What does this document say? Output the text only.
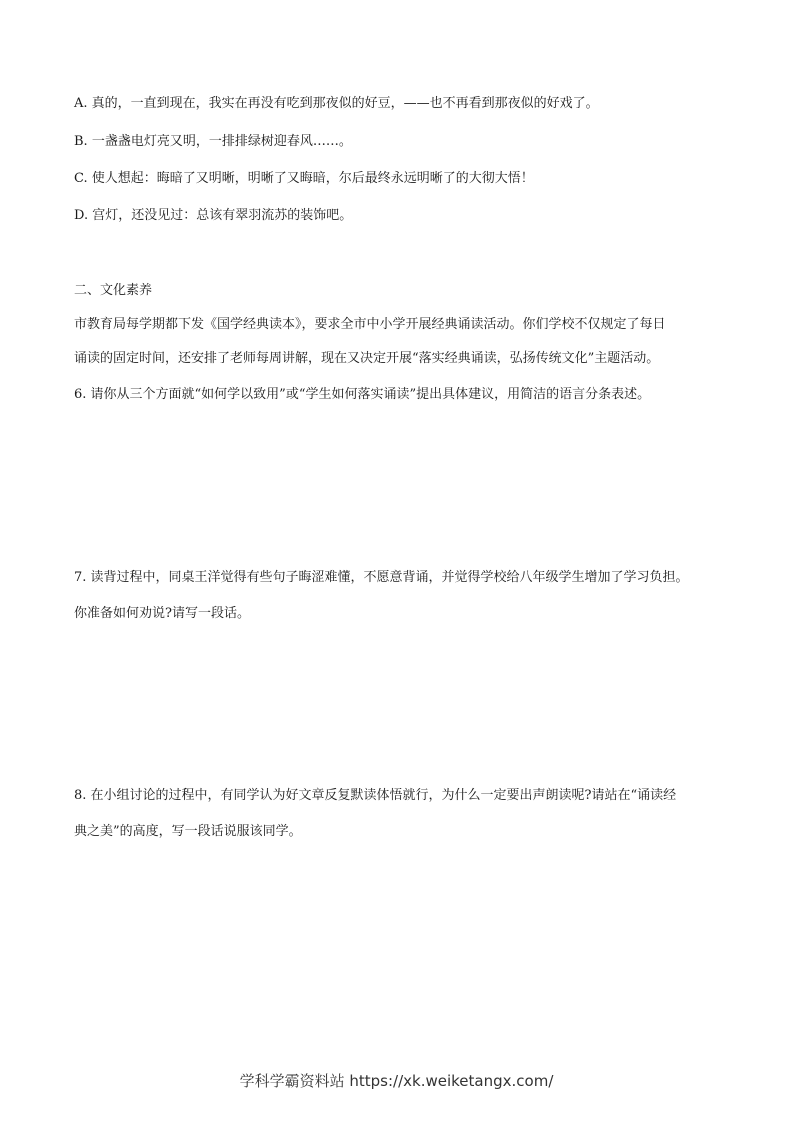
A. 真的，一直到现在，我实在再没有吃到那夜似的好豆，——也不再看到那夜似的好戏了。
B. 一盏盏电灯亮又明，一排排绿树迎春风……。
C. 使人想起：晦暗了又明晰，明晰了又晦暗，尔后最终永远明晰了的大彻大悟！
D. 宫灯，还没见过：总该有翠羽流苏的装饰吧。
二、文化素养
市教育局每学期都下发《国学经典读本》，要求全市中小学开展经典诵读活动。你们学校不仅规定了每日
诵读的固定时间，还安排了老师每周讲解，现在又决定开展“落实经典诵读，弘扬传统文化”主题活动。
6. 请你从三个方面就“如何学以致用”或“学生如何落实诵读”提出具体建议，用简洁的语言分条表述。
7. 读背过程中，同桌王洋觉得有些句子晦涩难懂，不愿意背诵，并觉得学校给八年级学生增加了学习负担。
你准备如何劝说?请写一段话。
8. 在小组讨论的过程中，有同学认为好文章反复默读体悟就行，为什么一定要出声朗读呢?请站在“诵读经
典之美”的高度，写一段话说服该同学。
学科学霸资料站 https://xk.weiketangx.com/
